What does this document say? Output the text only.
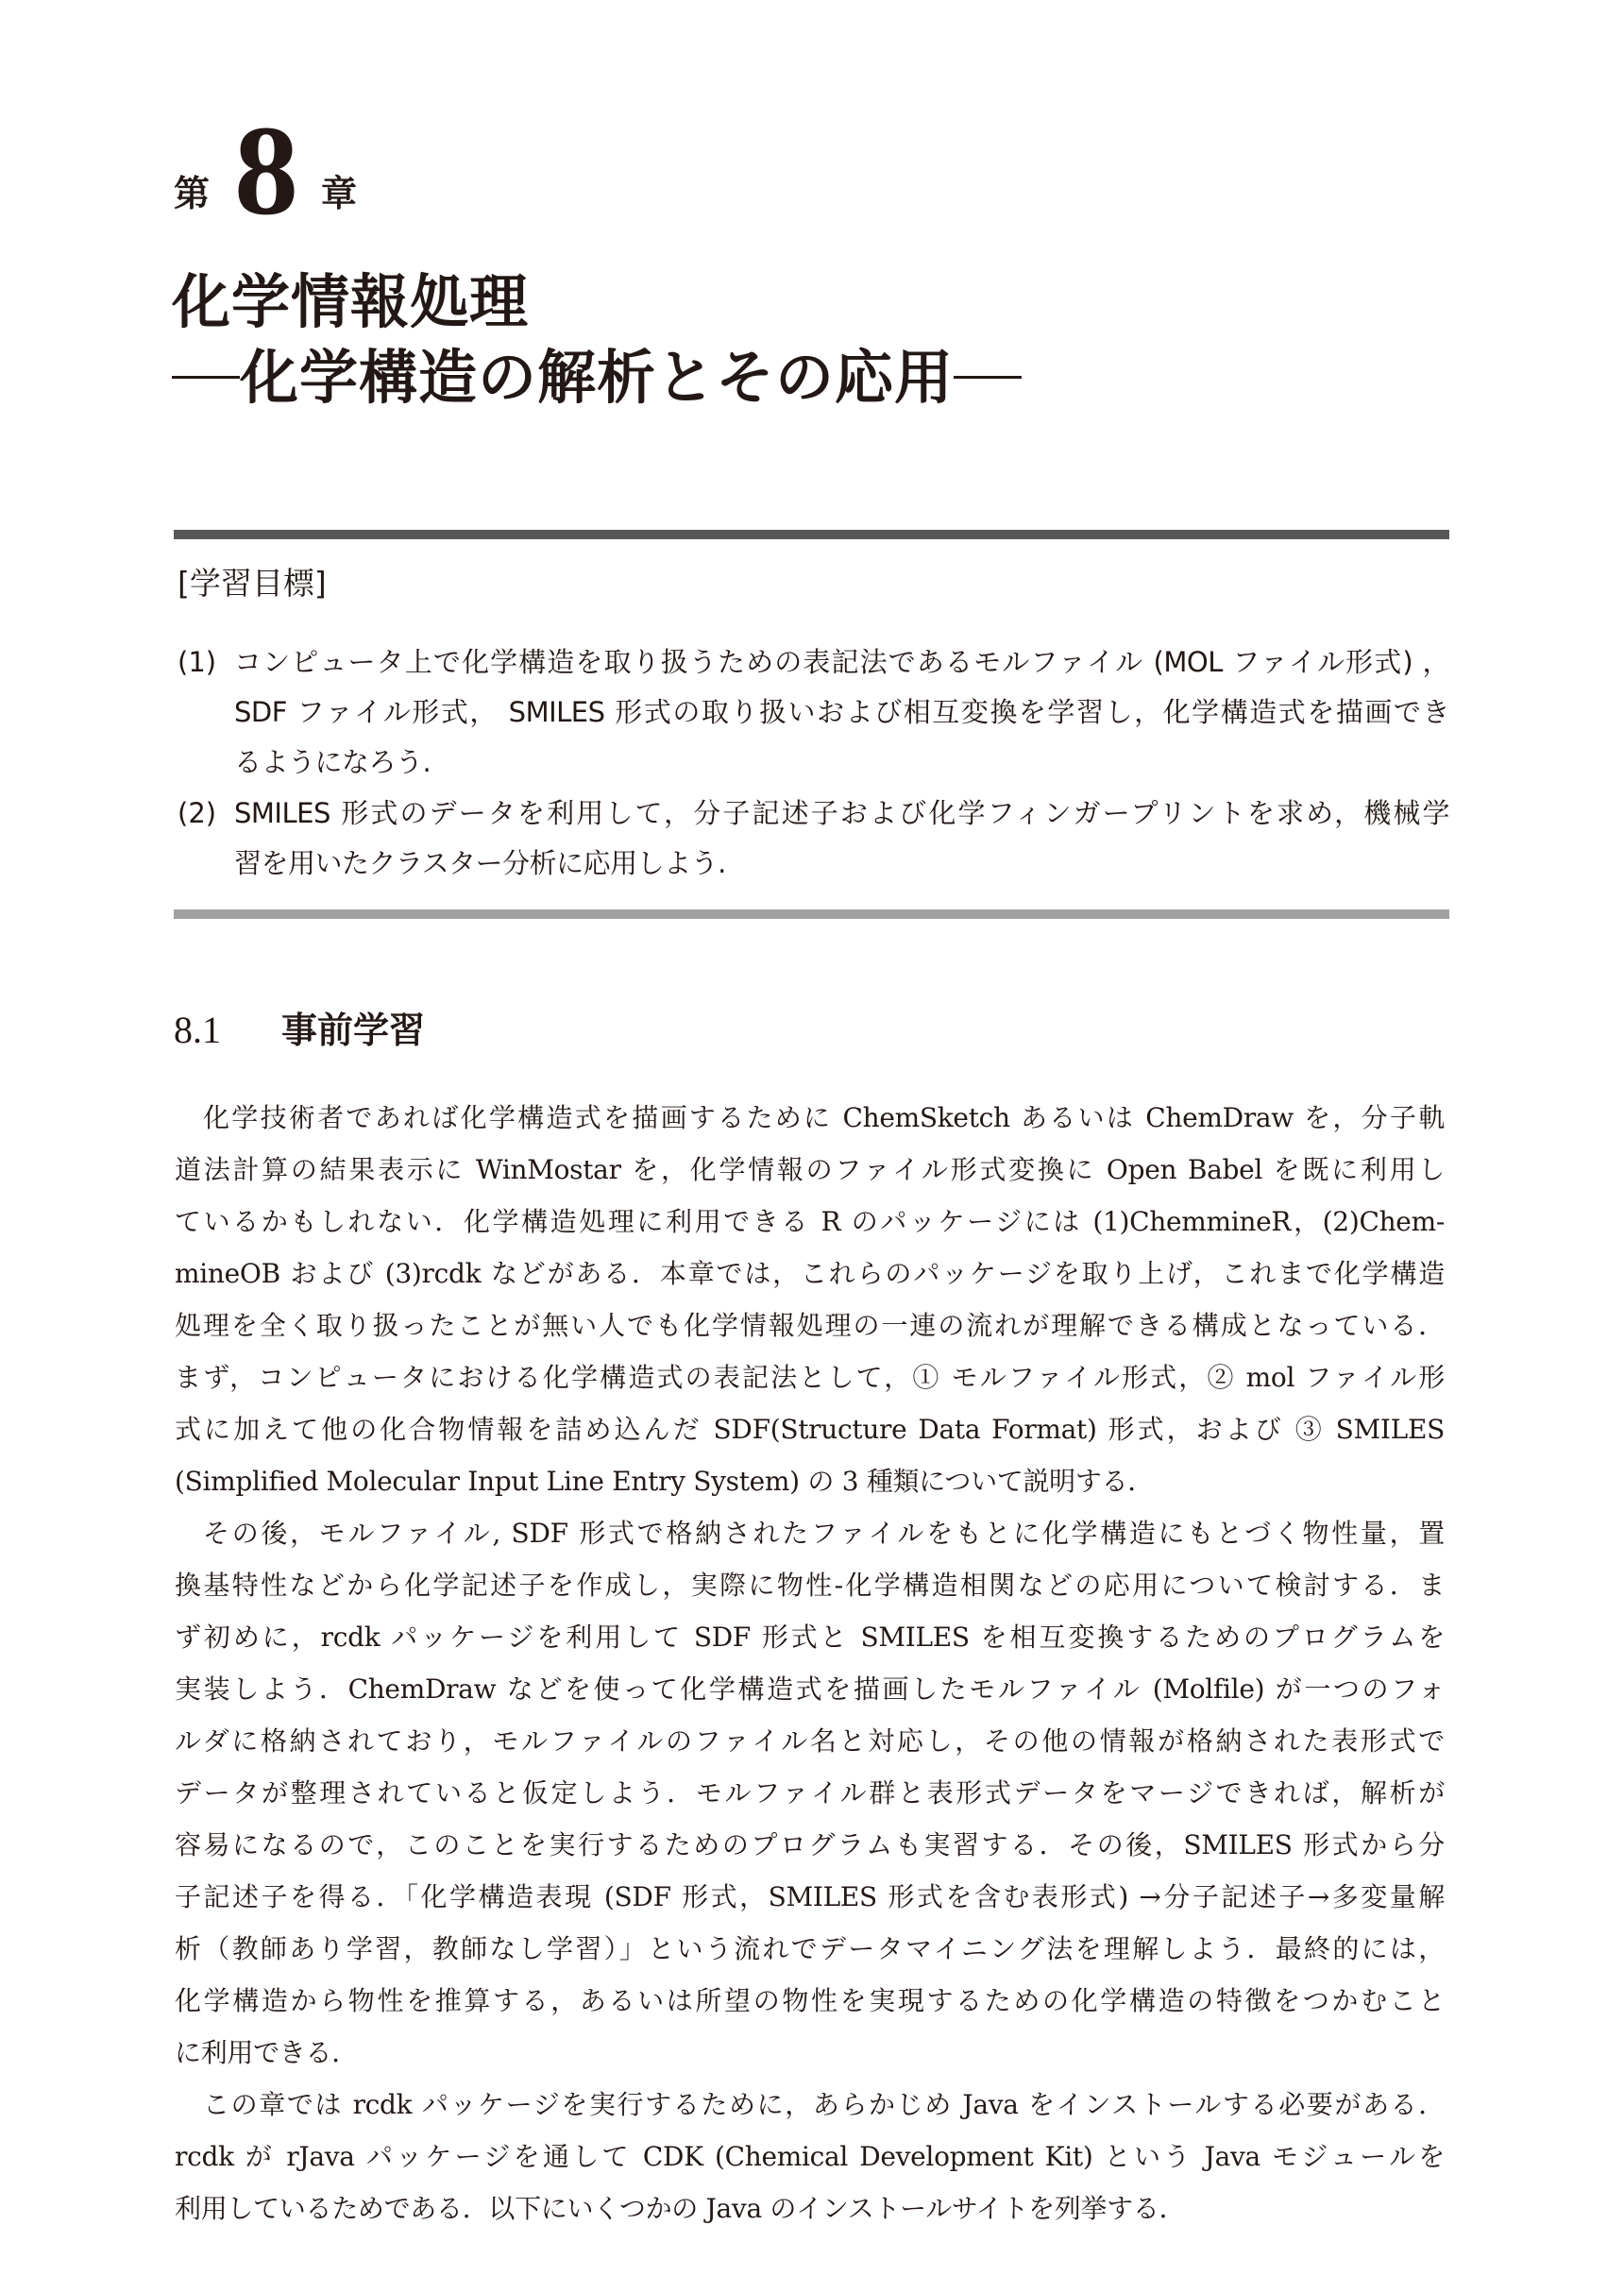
第 8 章
化学情報処理
化学構造の解析とその応用
[学習目標]
(1) コンピュータ上で化学構造を取り扱うための表記法であるモルファイル (MOL ファイル形式) ，
SDF ファイル形式， SMILES 形式の取り扱いおよび相互変換を学習し，化学構造式を描画でき
るようになろう.
(2) SMILES 形式のデータを利用して，分子記述子および化学フィンガープリントを求め，機械学
習を用いたクラスター分析に応用しよう.
8.1	事前学習
化学技術者であれば化学構造式を描画するために ChemSketch あるいは ChemDraw を，分子軌
道法計算の結果表示に WinMostar を，化学情報のファイル形式変換に Open Babel を既に利用し
ているかもしれない．化学構造処理に利用できる R のパッケージには (1)ChemmineR，(2)Chem-
mineOB および (3)rcdk などがある．本章では，これらのパッケージを取り上げ，これまで化学構造
処理を全く取り扱ったことが無い人でも化学情報処理の一連の流れが理解できる構成となっている．
まず，コンピュータにおける化学構造式の表記法として，① モルファイル形式，② mol ファイル形
式に加えて他の化合物情報を詰め込んだ SDF(Structure Data Format) 形式，および ③ SMILES
(Simplified Molecular Input Line Entry System) の 3 種類について説明する．
その後，モルファイル, SDF 形式で格納されたファイルをもとに化学構造にもとづく物性量，置
換基特性などから化学記述子を作成し，実際に物性-化学構造相関などの応用について検討する．ま
ず初めに，rcdk パッケージを利用して SDF 形式と SMILES を相互変換するためのプログラムを
実装しよう．ChemDraw などを使って化学構造式を描画したモルファイル (Molfile) が一つのフォ
ルダに格納されており，モルファイルのファイル名と対応し，その他の情報が格納された表形式で
データが整理されていると仮定しよう．モルファイル群と表形式データをマージできれば，解析が
容易になるので，このことを実行するためのプログラムも実習する．その後，SMILES 形式から分
子記述子を得る．「化学構造表現 (SDF 形式，SMILES 形式を含む表形式) →分子記述子→多変量解
析（教師あり学習，教師なし学習）」という流れでデータマイニング法を理解しよう．最終的には，
化学構造から物性を推算する，あるいは所望の物性を実現するための化学構造の特徴をつかむこと
に利用できる．
この章では rcdk パッケージを実行するために，あらかじめ Java をインストールする必要がある．
rcdk が rJava パッケージを通して CDK (Chemical Development Kit) という Java モジュールを
利用しているためである．以下にいくつかの Java のインストールサイトを列挙する．
